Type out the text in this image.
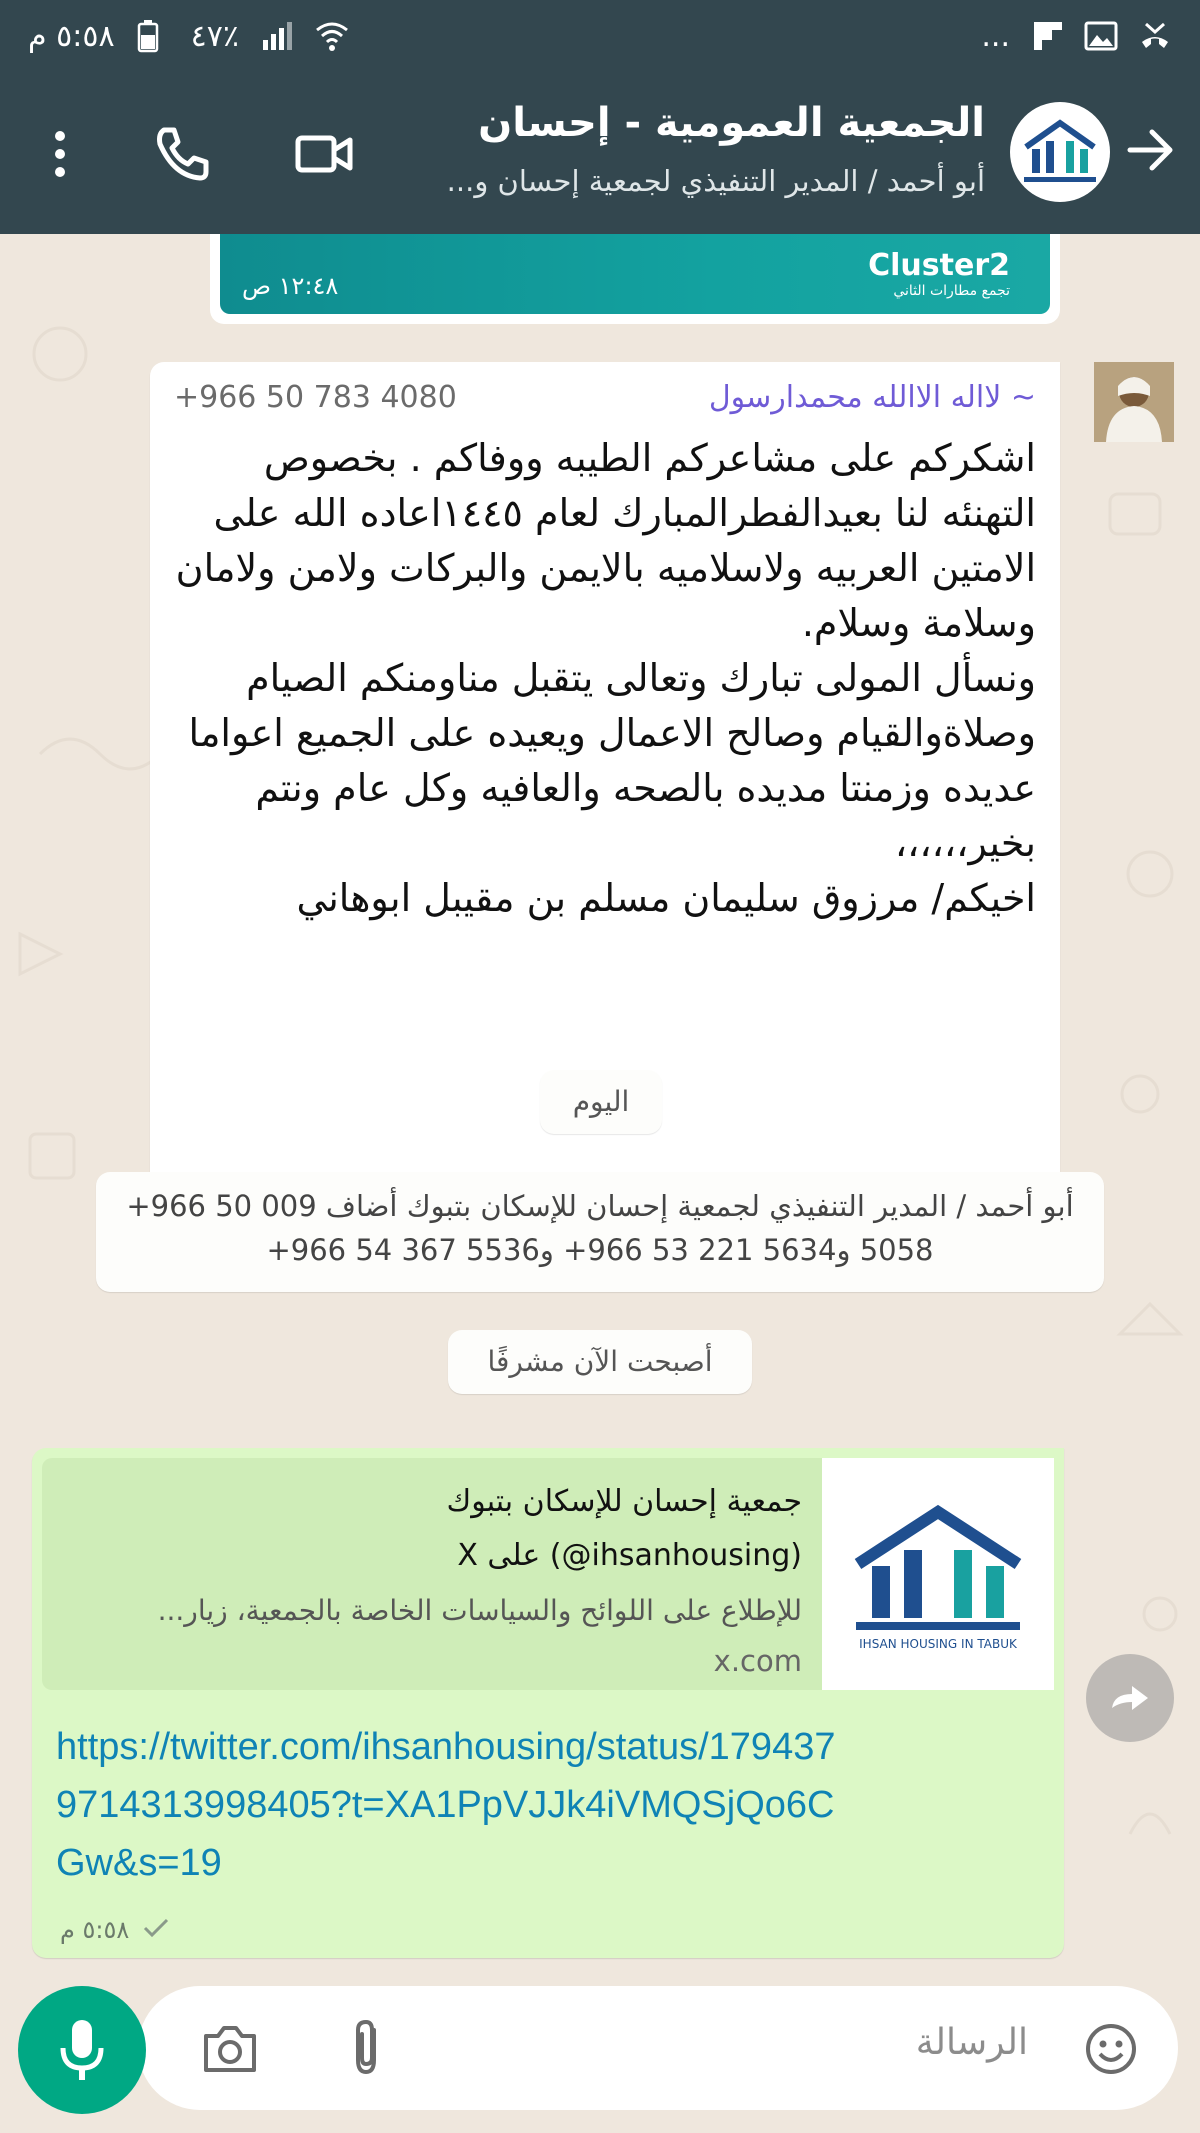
٥:٥٨ م	٤٧٪	...
الجمعية العمومية - إحسان
أبو أحمد / المدير التنفيذي لجمعية إحسان و...
Cluster2
تجمع مطارات الثاني
١٢:٤٨ ص
~ لااله الاالله محمدارسول
+966 50 783 4080
اشكركم على مشاعركم الطيبه ووفاكم . بخصوص التهنئه لنا بعيدالفطرالمبارك لعام ١٤٤٥اعاده الله على الامتين العربيه ولاسلاميه بالايمن والبركات ولامن ولامان وسلامة وسلام.
ونسأل المولى تبارك وتعالى يتقبل مناومنكم الصيام وصلاةوالقيام وصالح الاعمال ويعيده على الجميع اعواما عديده وزمنتا مديده بالصحه والعافيه وكل عام ونتم بخير،،،،،،
اخيكم/ مرزوق سليمان مسلم بن مقيبل ابوهاني
اليوم
أبو أحمد / المدير التنفيذي لجمعية إحسان للإسكان بتبوك أضاف ‎+966 50 009 5058‎ و‎+966 53 221 5634‎ و‎+966 54 367 5536
أصبحت الآن مشرفًا
IHSAN HOUSING IN TABUK
جمعية إحسان للإسكان بتبوك
(ihsanhousing@) على X
للإطلاع على اللوائح والسياسات الخاصة بالجمعية، زيار...
x.com
https://twitter.com/ihsanhousing/status/1794379714313998405?t=XA1PpVJJk4iVMQSjQo6CGw&s=19
٥:٥٨ م
الرسالة
